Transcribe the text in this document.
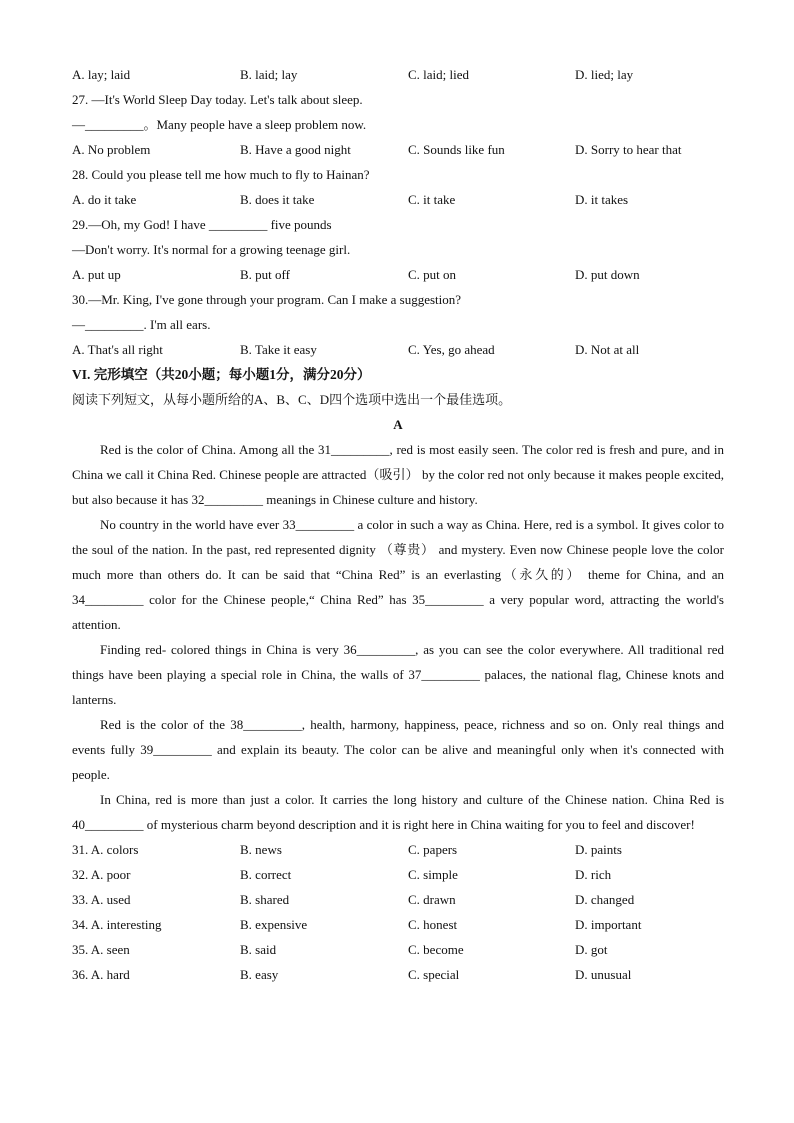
A. lay; laid	B. laid; lay	C. laid; lied	D. lied; lay
27. —It's World Sleep Day today. Let's talk about sleep.
—_________。Many people have a sleep problem now.
A. No problem	B. Have a good night	C. Sounds like fun	D. Sorry to hear that
28. Could you please tell me how much to fly to Hainan?
A. do it take	B. does it take	C. it take	D. it takes
29.—Oh, my God! I have _________ five pounds
—Don't worry. It's normal for a growing teenage girl.
A. put up	B. put off	C. put on	D. put down
30.—Mr. King, I've gone through your program. Can I make a suggestion?
—_________. I'm all ears.
A. That's all right	B. Take it easy	C. Yes, go ahead	D. Not at all
VI. 完形填空（共20小题；每小题1分，满分20分）
阅读下列短文，从每小题所给的A、B、C、D四个选项中选出一个最佳选项。
A
Red is the color of China. Among all the 31_________, red is most easily seen. The color red is fresh and pure, and in China we call it China Red. Chinese people are attracted（吸引） by the color red not only because it makes people excited, but also because it has 32_________ meanings in Chinese culture and history.
No country in the world have ever 33_________ a color in such a way as China. Here, red is a symbol. It gives color to the soul of the nation. In the past, red represented dignity （尊贵） and mystery. Even now Chinese people love the color much more than others do. It can be said that “China Red” is an everlasting（永久的） theme for China, and an 34_________ color for the Chinese people,“ China Red” has 35_________ a very popular word, attracting the world's attention.
Finding red- colored things in China is very 36_________, as you can see the color everywhere. All traditional red things have been playing a special role in China, the walls of 37_________ palaces, the national flag, Chinese knots and lanterns.
Red is the color of the 38_________, health, harmony, happiness, peace, richness and so on. Only real things and events fully 39_________ and explain its beauty. The color can be alive and meaningful only when it's connected with people.
In China, red is more than just a color. It carries the long history and culture of the Chinese nation. China Red is 40_________ of mysterious charm beyond description and it is right here in China waiting for you to feel and discover!
31. A. colors	B. news	C. papers	D. paints
32. A. poor	B. correct	C. simple	D. rich
33. A. used	B. shared	C. drawn	D. changed
34. A. interesting	B. expensive	C. honest	D. important
35. A. seen	B. said	C. become	D. got
36. A. hard	B. easy	C. special	D. unusual
